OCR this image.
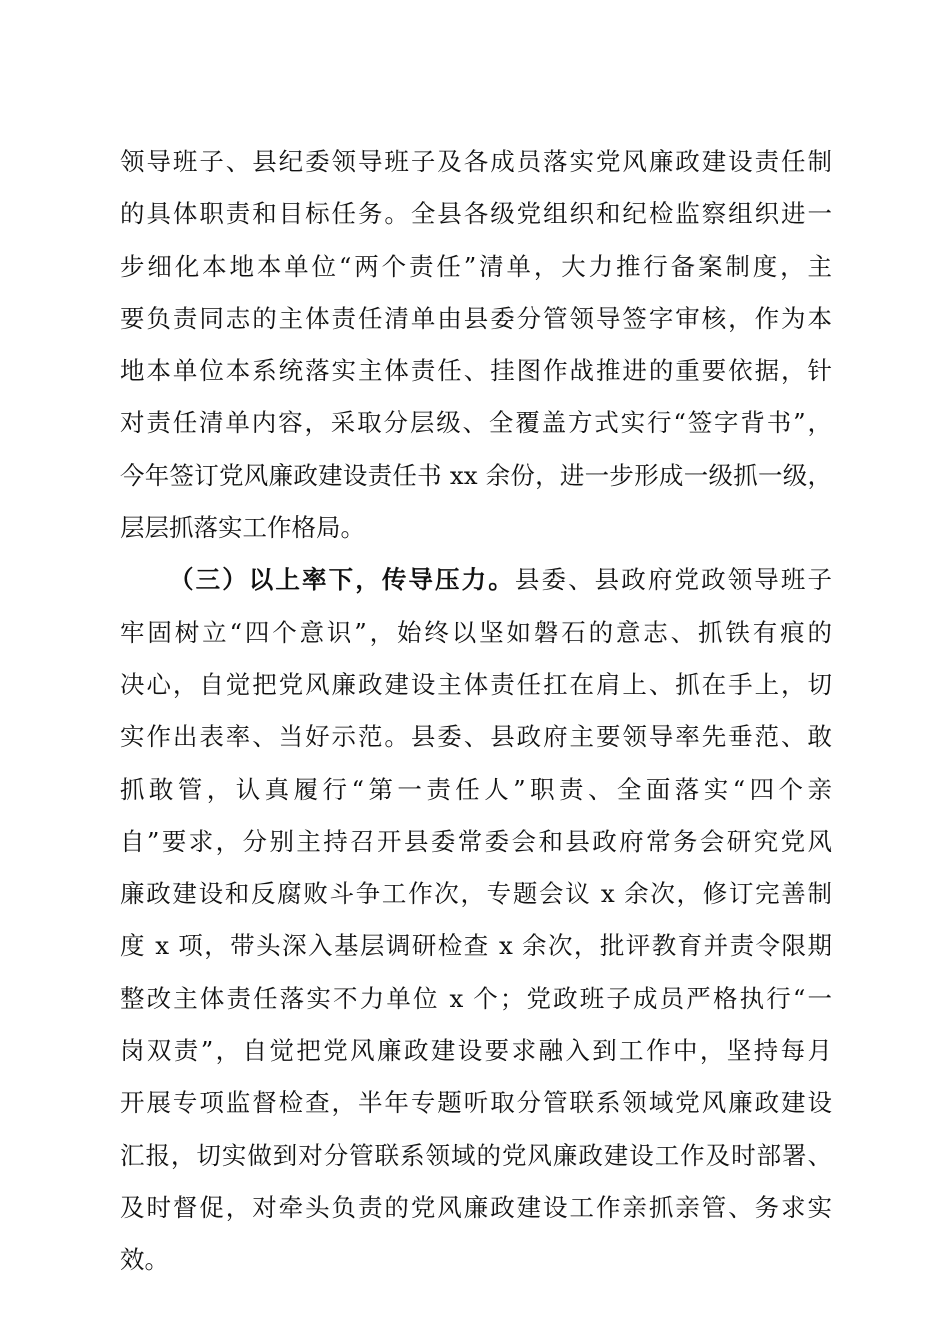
领导班子、县纪委领导班子及各成员落实党风廉政建设责任制
的具体职责和目标任务。全县各级党组织和纪检监察组织进一
步细化本地本单位“两个责任”清单，大力推行备案制度，主
要负责同志的主体责任清单由县委分管领导签字审核，作为本
地本单位本系统落实主体责任、挂图作战推进的重要依据，针
对责任清单内容，采取分层级、全覆盖方式实行“签字背书”，
今年签订党风廉政建设责任书 xx 余份，进一步形成一级抓一级，
层层抓落实工作格局。
（三）以上率下，传导压力。县委、县政府党政领导班子
牢固树立“四个意识”，始终以坚如磐石的意志、抓铁有痕的
决心，自觉把党风廉政建设主体责任扛在肩上、抓在手上，切
实作出表率、当好示范。县委、县政府主要领导率先垂范、敢
抓敢管，认真履行“第一责任人”职责、全面落实“四个亲
自”要求，分别主持召开县委常委会和县政府常务会研究党风
廉政建设和反腐败斗争工作次，专题会议 x 余次，修订完善制
度 x 项，带头深入基层调研检查 x 余次，批评教育并责令限期
整改主体责任落实不力单位 x 个；党政班子成员严格执行“一
岗双责”，自觉把党风廉政建设要求融入到工作中，坚持每月
开展专项监督检查，半年专题听取分管联系领域党风廉政建设
汇报，切实做到对分管联系领域的党风廉政建设工作及时部署、
及时督促，对牵头负责的党风廉政建设工作亲抓亲管、务求实
效。
